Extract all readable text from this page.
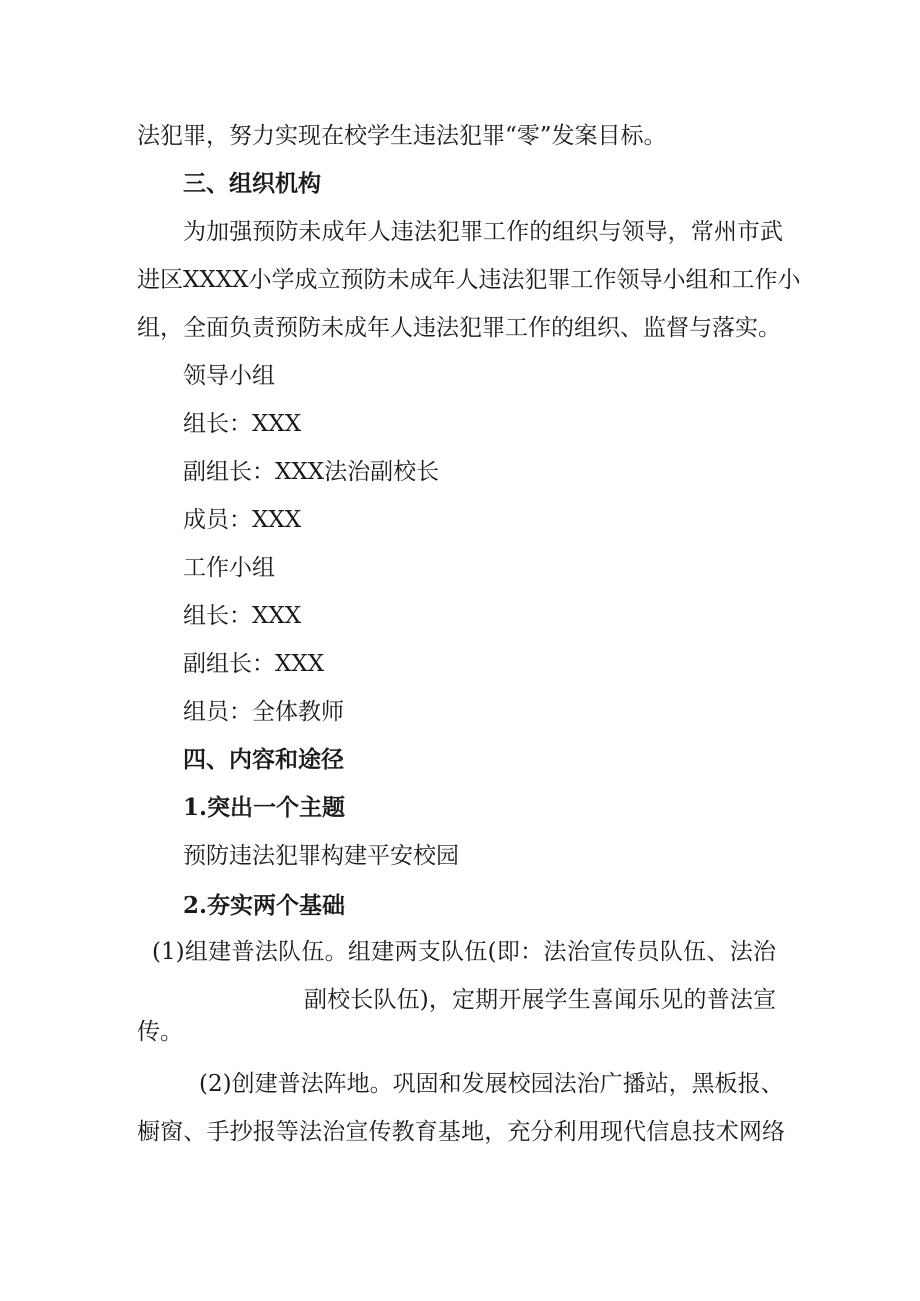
法犯罪，努力实现在校学生违法犯罪“零”发案目标。

三、组织机构

为加强预防未成年人违法犯罪工作的组织与领导，常州市武

进区XXXX小学成立预防未成年人违法犯罪工作领导小组和工作小

组，全面负责预防未成年人违法犯罪工作的组织、监督与落实。

领导小组

组长：XXX

副组长：XXX法治副校长

成员：XXX

工作小组

组长：XXX

副组长：XXX

组员：全体教师

四、内容和途径

1.突出一个主题

预防违法犯罪构建平安校园

2.夯实两个基础

(1)组建普法队伍。组建两支队伍(即：法治宣传员队伍、法治

副校长队伍)，定期开展学生喜闻乐见的普法宣

传。

(2)创建普法阵地。巩固和发展校园法治广播站，黑板报、

橱窗、手抄报等法治宣传教育基地，充分利用现代信息技术网络
